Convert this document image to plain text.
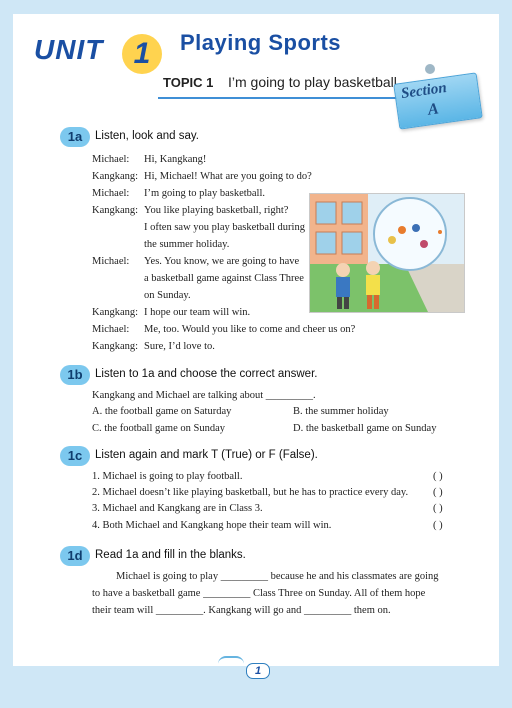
UNIT	1	Playing Sports
TOPIC 1 I’m going to play basketball. Section
A
1a	Listen, look and say.
Michael: Hi, Kangkang!
Kangkang: Hi, Michael! What are you going to do?
Michael: I’m going to play basketball.
Kangkang: You like playing basketball, right?
I often saw you play basketball during
the summer holiday.
Michael: Yes. You know, we are going to have
a basketball game against Class Three
on Sunday.
Kangkang: I hope our team will win.
Michael: Me, too. Would you like to come and cheer us on?
Kangkang: Sure, I’d love to.
1b	Listen to 1a and choose the correct answer.
Kangkang and Michael are talking about _________.
A. the football game on Saturday	B. the summer holiday
C. the football game on Sunday	D. the basketball game on Sunday
1c	Listen again and mark T (True) or F (False).
1. Michael is going to play football.	( )
2. Michael doesn’t like playing basketball, but he has to practice every day. ( )
3. Michael and Kangkang are in Class 3.	( )
4. Both Michael and Kangkang hope their team will win.	( )
1d	Read 1a and fill in the blanks.
Michael is going to play _________ because he and his classmates are going
to have a basketball game _________ Class Three on Sunday. All of them hope
their team will _________. Kangkang will go and _________ them on.
1
